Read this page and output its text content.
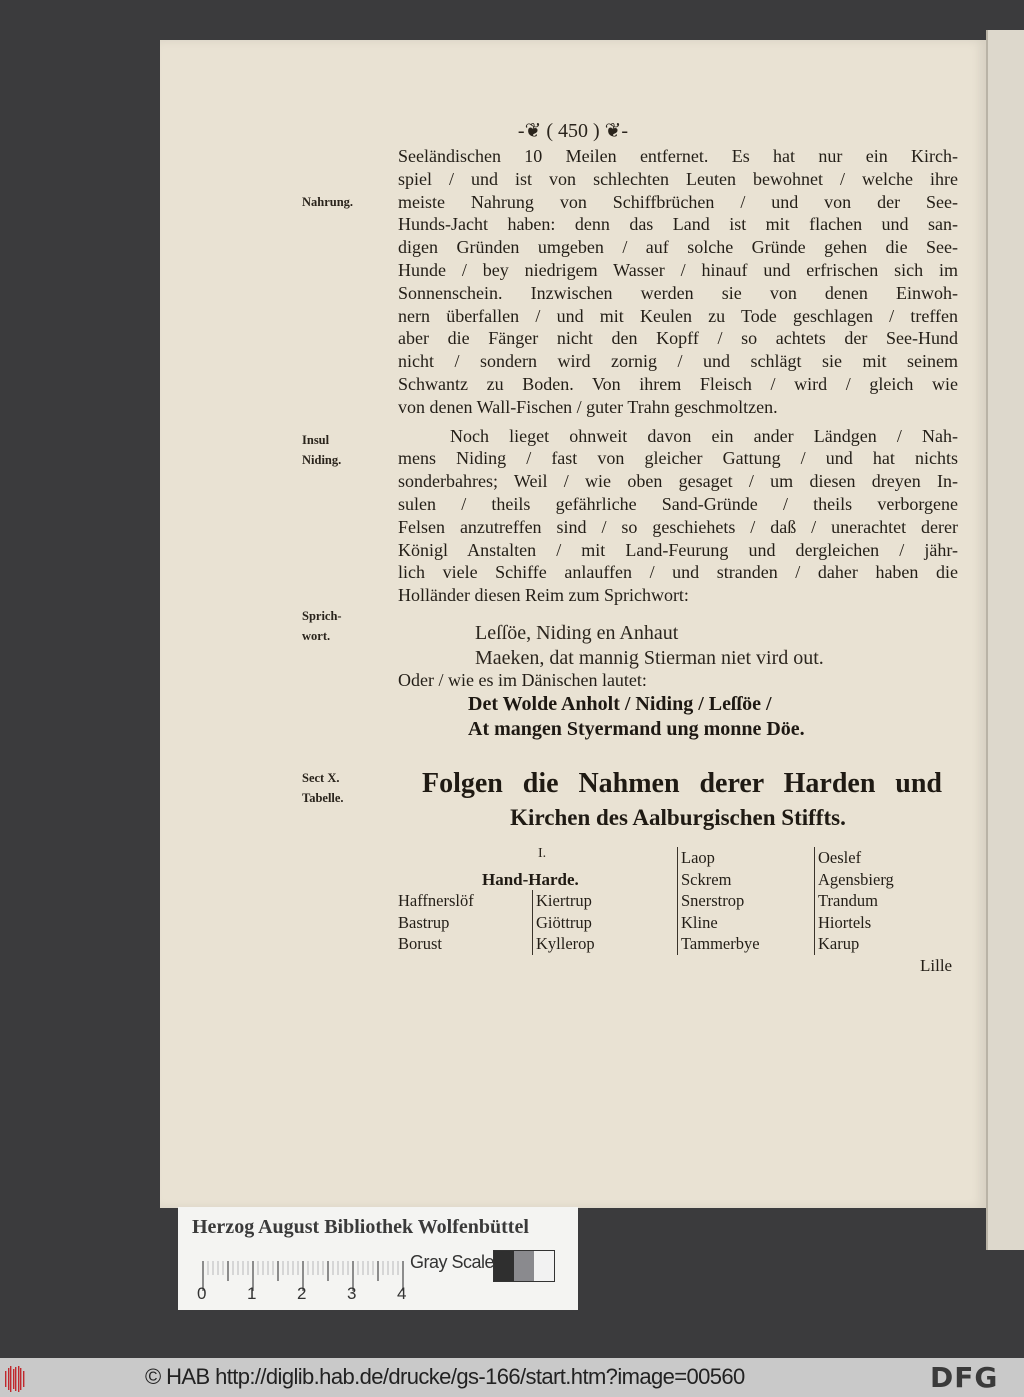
-❦ ( 450 ) ❦-
Nahrung.
Insul
Niding.
Sprich-
wort.
Sect X.
Tabelle.
Seeländischen 10 Meilen entfernet. Es hat nur ein Kirch-
spiel / und ist von schlechten Leuten bewohnet / welche ihre
meiste Nahrung von Schiffbrüchen / und von der See-
Hunds-Jacht haben: denn das Land ist mit flachen und san-
digen Gründen umgeben / auf solche Gründe gehen die See-
Hunde / bey niedrigem Wasser / hinauf und erfrischen sich im
Sonnenschein. Inzwischen werden sie von denen Einwoh-
nern überfallen / und mit Keulen zu Tode geschlagen / treffen
aber die Fänger nicht den Kopff / so achtets der See-Hund
nicht / sondern wird zornig / und schlägt sie mit seinem
Schwantz zu Boden. Von ihrem Fleisch / wird / gleich wie
von denen Wall-Fischen / guter Trahn geschmoltzen.
Noch lieget ohnweit davon ein ander Ländgen / Nah-
mens Niding / fast von gleicher Gattung / und hat nichts
sonderbahres; Weil / wie oben gesaget / um diesen dreyen In-
sulen / theils gefährliche Sand-Gründe / theils verborgene
Felsen anzutreffen sind / so geschiehets / daß / unerachtet derer
Königl Anstalten / mit Land-Feurung und dergleichen / jähr-
lich viele Schiffe anlauffen / und stranden / daher haben die
Holländer diesen Reim zum Sprichwort:
Leſſöe, Niding en Anhaut
Maeken, dat mannig Stierman niet vird out.
Oder / wie es im Dänischen lautet:
Det Wolde Anholt / Niding / Leſſöe /
At mangen Styermand ung monne Döe.
Folgen die Nahmen derer Harden und
Kirchen des Aalburgischen Stiffts.
I.
Hand-Harde.
Haffnerslöf
Bastrup
Borust
Kiertrup
Giöttrup
Kyllerop
Laop
Sckrem
Snerstrop
Kline
Tammerbye
Oeslef
Agensbierg
Trandum
Hiortels
Karup
Lille
Herzog August Bibliothek Wolfenbüttel
0 1 2 3 4
Gray Scale
© HAB http://diglib.hab.de/drucke/gs-166/start.htm?image=00560	DFG
